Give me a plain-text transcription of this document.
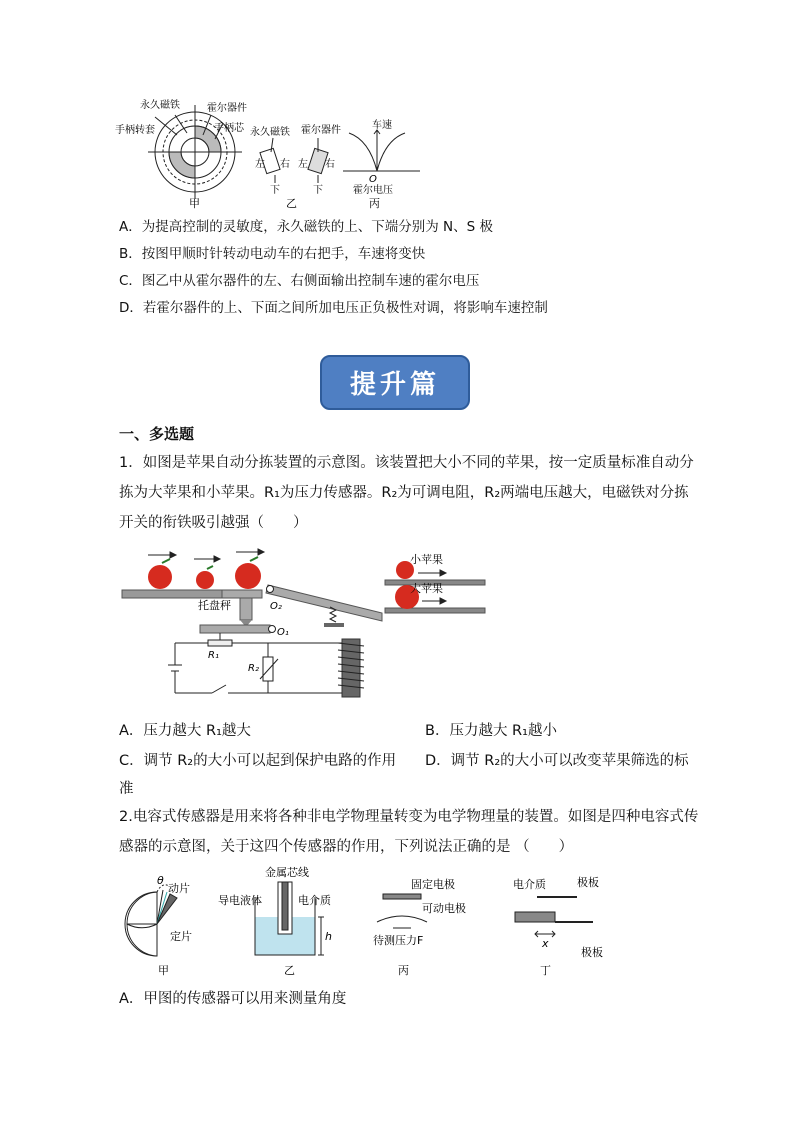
永久磁铁	霍尔器件
手柄转套	手柄芯
甲
永久磁铁 霍尔器件
左 右 左 右
下	下
乙
车速
O
霍尔电压
丙
A．为提高控制的灵敏度，永久磁铁的上、下端分别为 N、S 极
B．按图甲顺时针转动电动车的右把手，车速将变快
C．图乙中从霍尔器件的左、右侧面输出控制车速的霍尔电压
D．若霍尔器件的上、下面之间所加电压正负极性对调，将影响车速控制
提升篇
一、多选题
1．如图是苹果自动分拣装置的示意图。该装置把大小不同的苹果，按一定质量标准自动分
拣为大苹果和小苹果。R₁为压力传感器。R₂为可调电阻，R₂两端电压越大，电磁铁对分拣
开关的衔铁吸引越强（　　）
小苹果
大苹果
托盘秤	O₂
O₁
R₁
R₂
A．压力越大 R₁越大	B．压力越大 R₁越小
C．调节 R₂的大小可以起到保护电路的作用 D．调节 R₂的大小可以改变苹果筛选的标
准
2.电容式传感器是用来将各种非电学物理量转变为电学物理量的装置。如图是四种电容式传
感器的示意图，关于这四个传感器的作用，下列说法正确的是 （　　）
θ
动片
定片
甲
金属芯线
导电液体	电介质
h
乙
固定电极
可动电极
待测压力F
丙
电介质	极板
极板
x
丁
A．甲图的传感器可以用来测量角度
